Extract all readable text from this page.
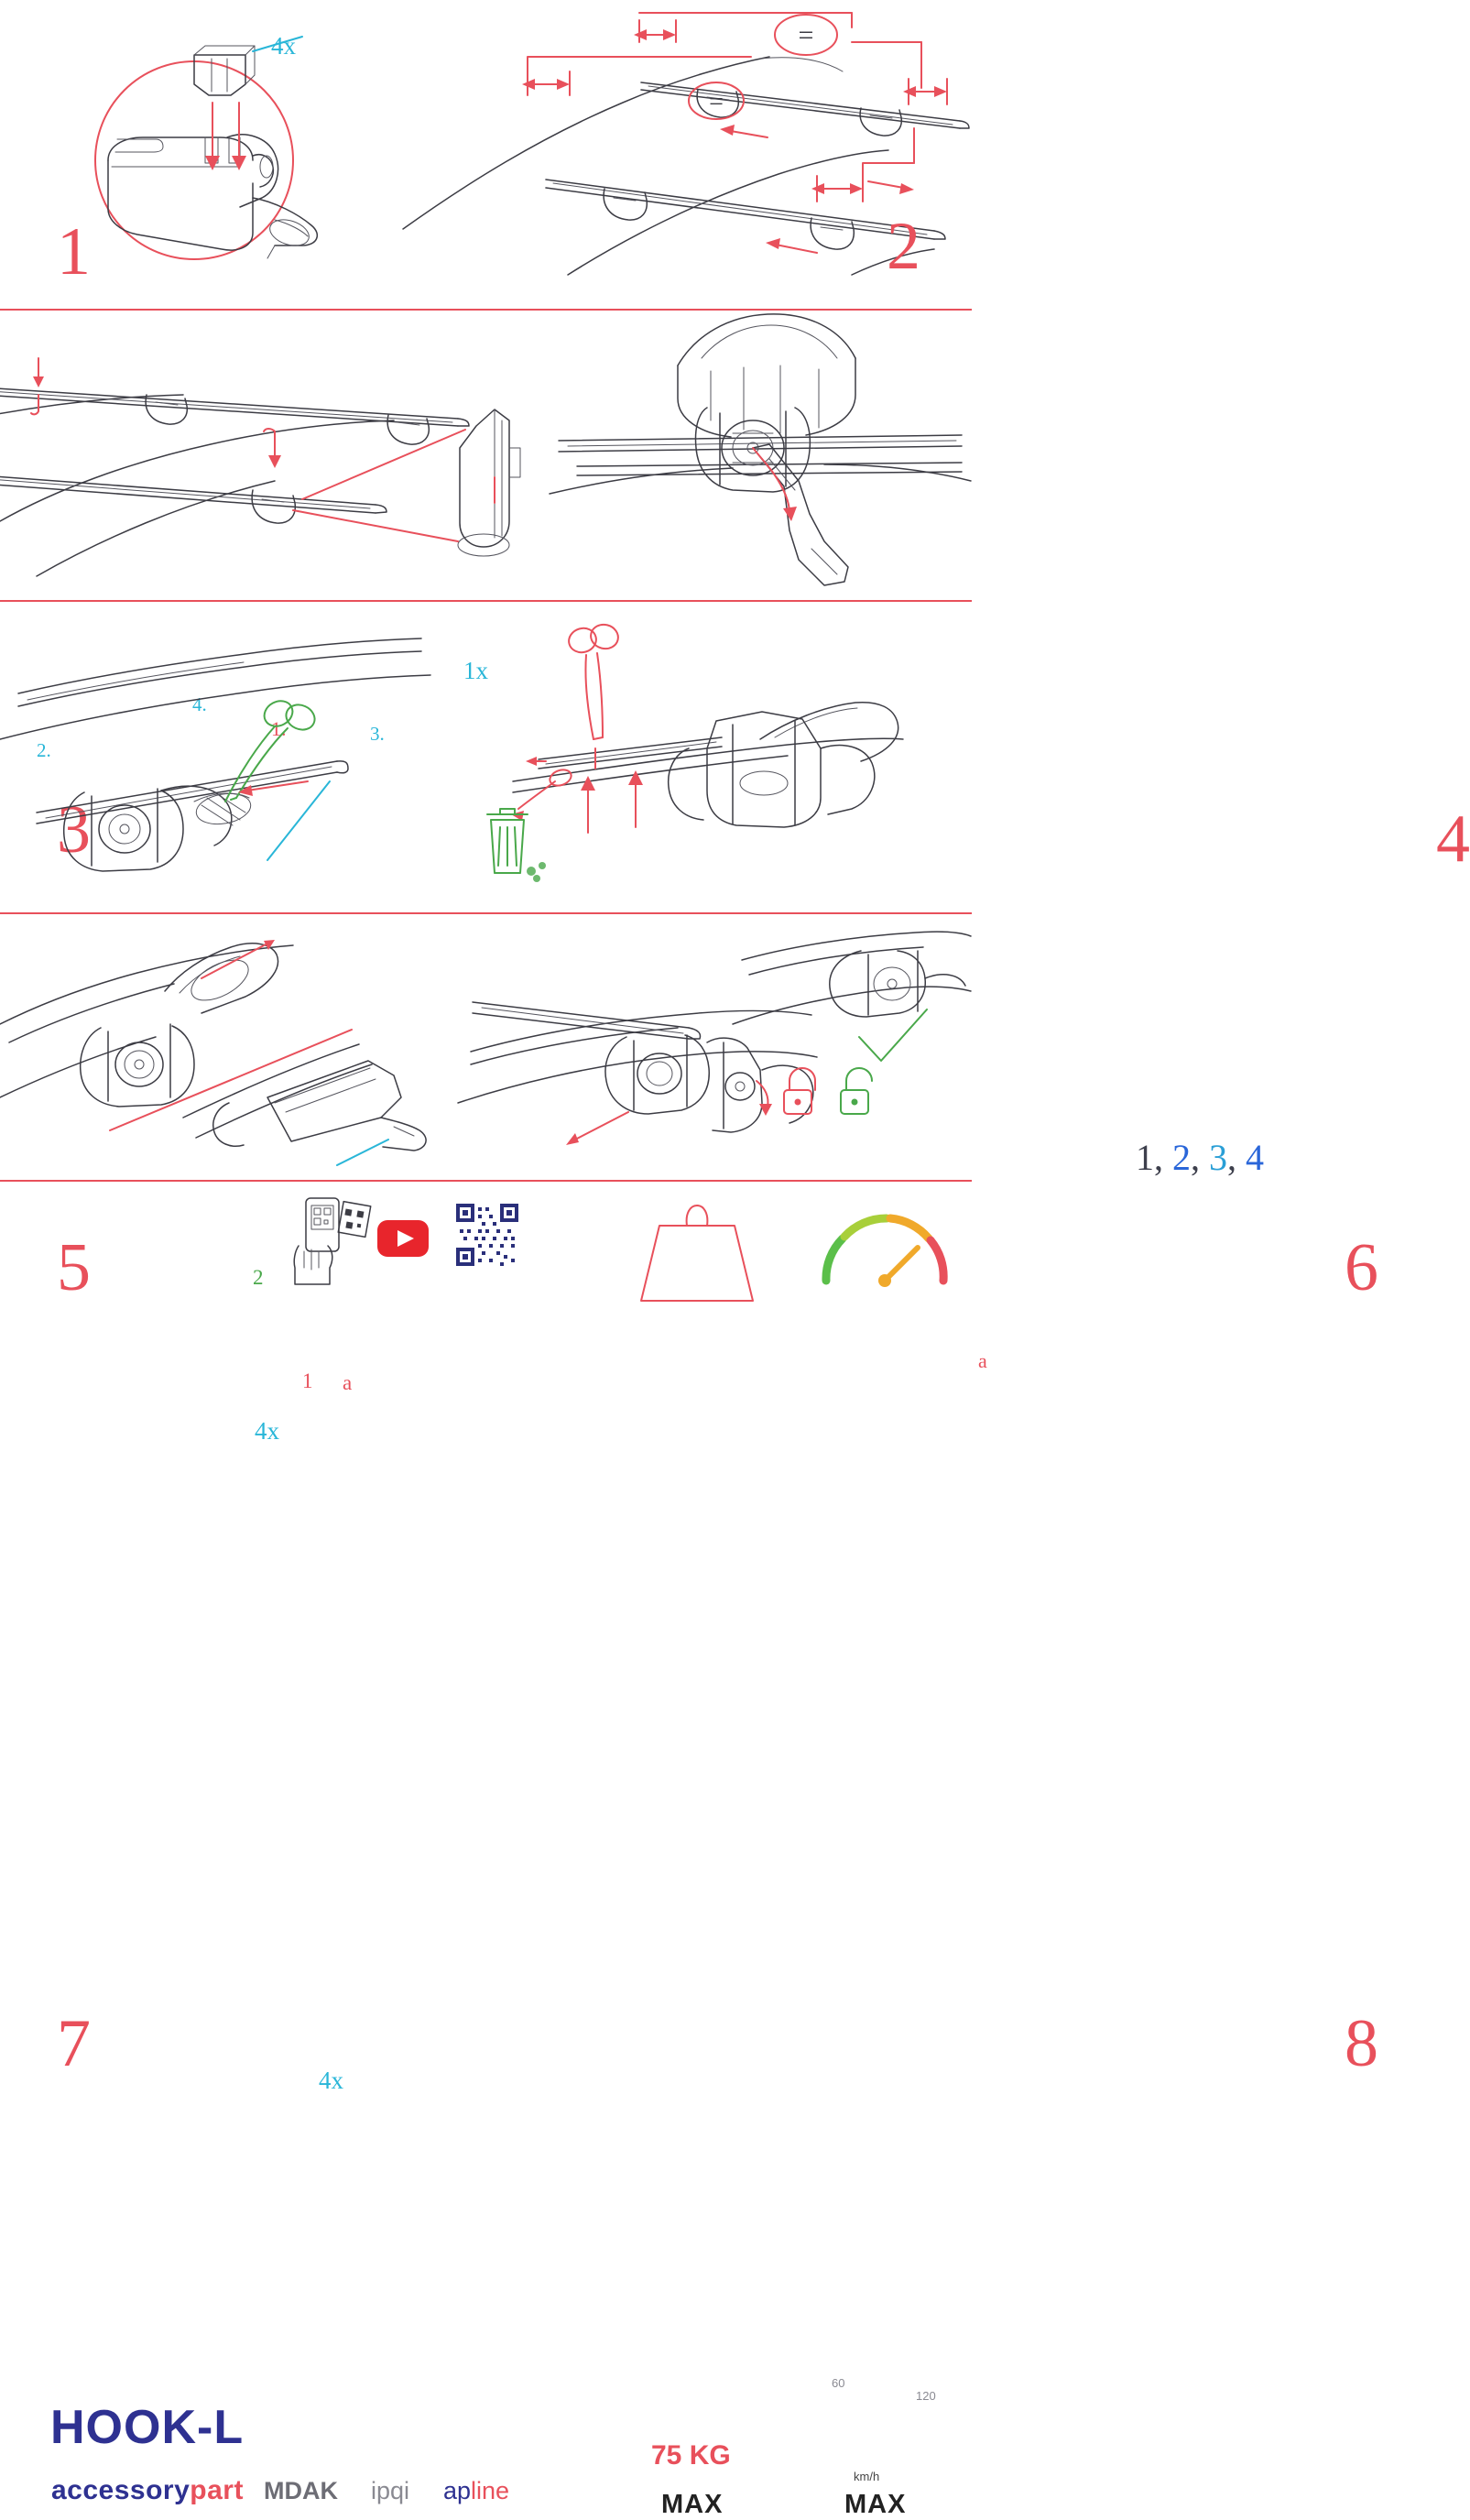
4x
1
=
=
2
1.
2.
3.
4.
1x
3
1, 2, 3, 4
4
1
2
a
4x
5
a
6
4x
7	8
HOOK-L
accessorypart MDAK ipqi apline
75 KG
MAX
60
120
km/h
MAX
